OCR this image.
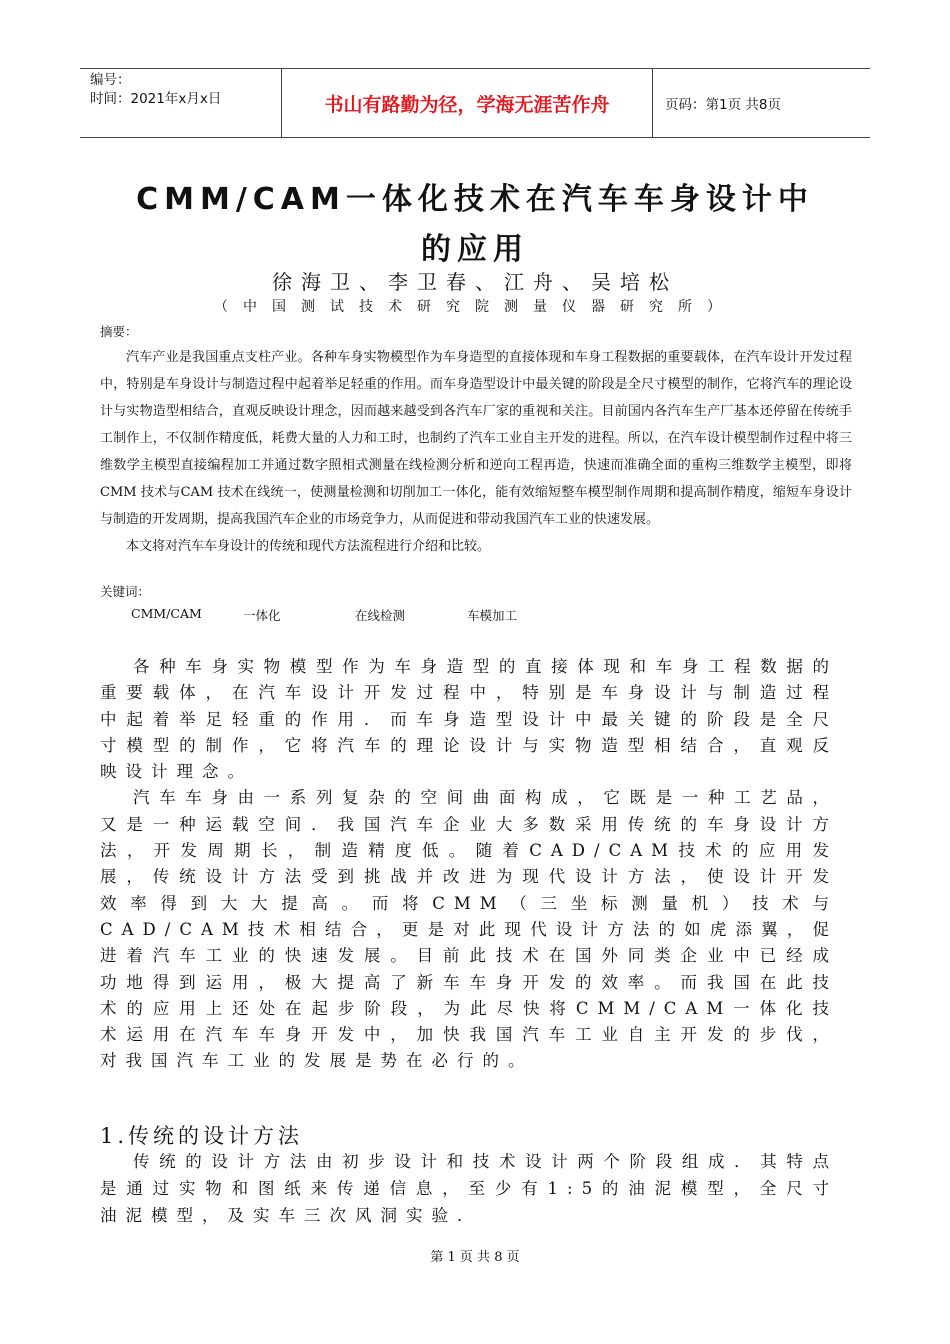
编号：
时间：2021年x月x日	书山有路勤为径，学海无涯苦作舟	页码：第1页 共8页
CMM/CAM一体化技术在汽车车身设计中
的应用
徐海卫、李卫春、江舟、吴培松
（中国测试技术研究院测量仪器研究所）
摘要：

汽车产业是我国重点支柱产业。各种车身实物模型作为车身造型的直接体现和车身工程数据的重要载体，在汽车设计开发过程中，特别是车身设计与制造过程中起着举足轻重的作用。而车身造型设计中最关键的阶段是全尺寸模型的制作，它将汽车的理论设计与实物造型相结合，直观反映设计理念，因而越来越受到各汽车厂家的重视和关注。目前国内各汽车生产厂基本还停留在传统手工制作上，不仅制作精度低，耗费大量的人力和工时，也制约了汽车工业自主开发的进程。所以，在汽车设计模型制作过程中将三维数学主模型直接编程加工并通过数字照相式测量在线检测分析和逆向工程再造，快速而准确全面的重构三维数学主模型，即将CMM 技术与CAM 技术在线统一，使测量检测和切削加工一体化，能有效缩短整车模型制作周期和提高制作精度，缩短车身设计与制造的开发周期，提高我国汽车企业的市场竞争力，从而促进和带动我国汽车工业的快速发展。

本文将对汽车车身设计的传统和现代方法流程进行介绍和比较。

关键词：
CMM/CAM	一体化	在线检测	车模加工

各种车身实物模型作为车身造型的直接体现和车身工程数据的重要载体，在汽车设计开发过程中，特别是车身设计与制造过程中起着举足轻重的作用．而车身造型设计中最关键的阶段是全尺寸模型的制作，它将汽车的理论设计与实物造型相结合，直观反映设计理念。

汽车车身由一系列复杂的空间曲面构成，它既是一种工艺品，又是一种运载空间．我国汽车企业大多数采用传统的车身设计方法，开发周期长，制造精度低。随着CAD/CAM技术的应用发展，传统设计方法受到挑战并改进为现代设计方法，使设计开发效率得到大大提高。而将CMM（三坐标测量机）技术与CAD/CAM技术相结合，更是对此现代设计方法的如虎添翼，促进着汽车工业的快速发展。目前此技术在国外同类企业中已经成功地得到运用，极大提高了新车车身开发的效率。而我国在此技术的应用上还处在起步阶段，为此尽快将CMM/CAM一体化技术运用在汽车车身开发中，加快我国汽车工业自主开发的步伐，对我国汽车工业的发展是势在必行的。

1.传统的设计方法

传统的设计方法由初步设计和技术设计两个阶段组成．其特点是通过实物和图纸来传递信息，至少有1:5的油泥模型，全尺寸油泥模型，及实车三次风洞实验．

第 1 页 共 8 页
